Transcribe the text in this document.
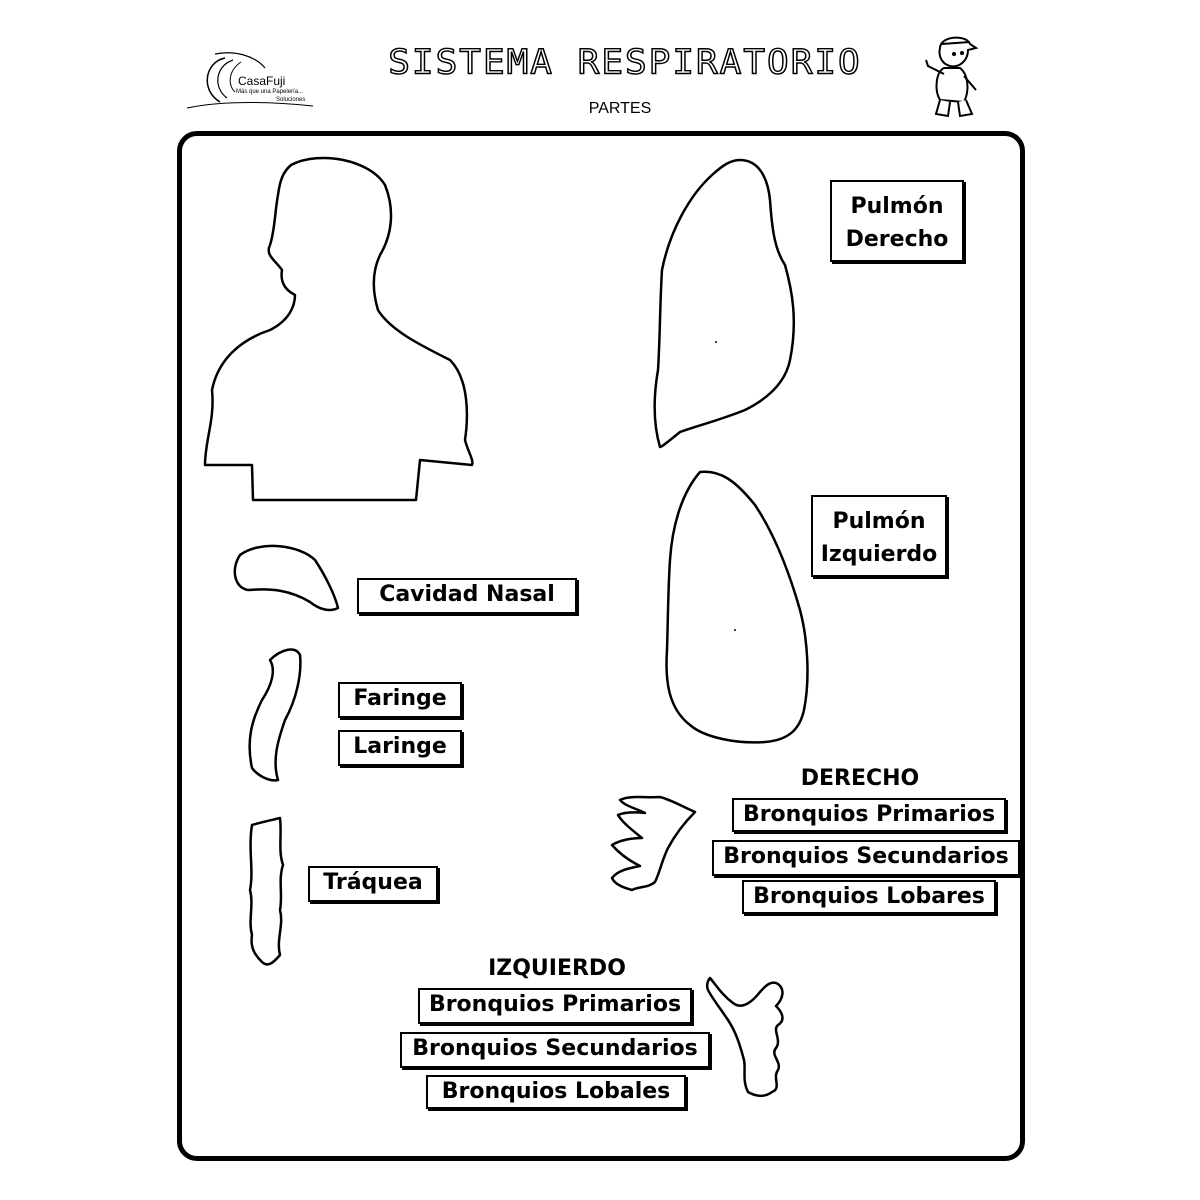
SISTEMA RESPIRATORIO
PARTES
CasaFuji
Más que una Papelería...
Soluciones
Pulmón
Derecho
Pulmón
Izquierdo
Cavidad Nasal
Faringe
Laringe
Tráquea
DERECHO
Bronquios Primarios
Bronquios Secundarios
Bronquios Lobares
IZQUIERDO
Bronquios Primarios
Bronquios Secundarios
Bronquios Lobales
